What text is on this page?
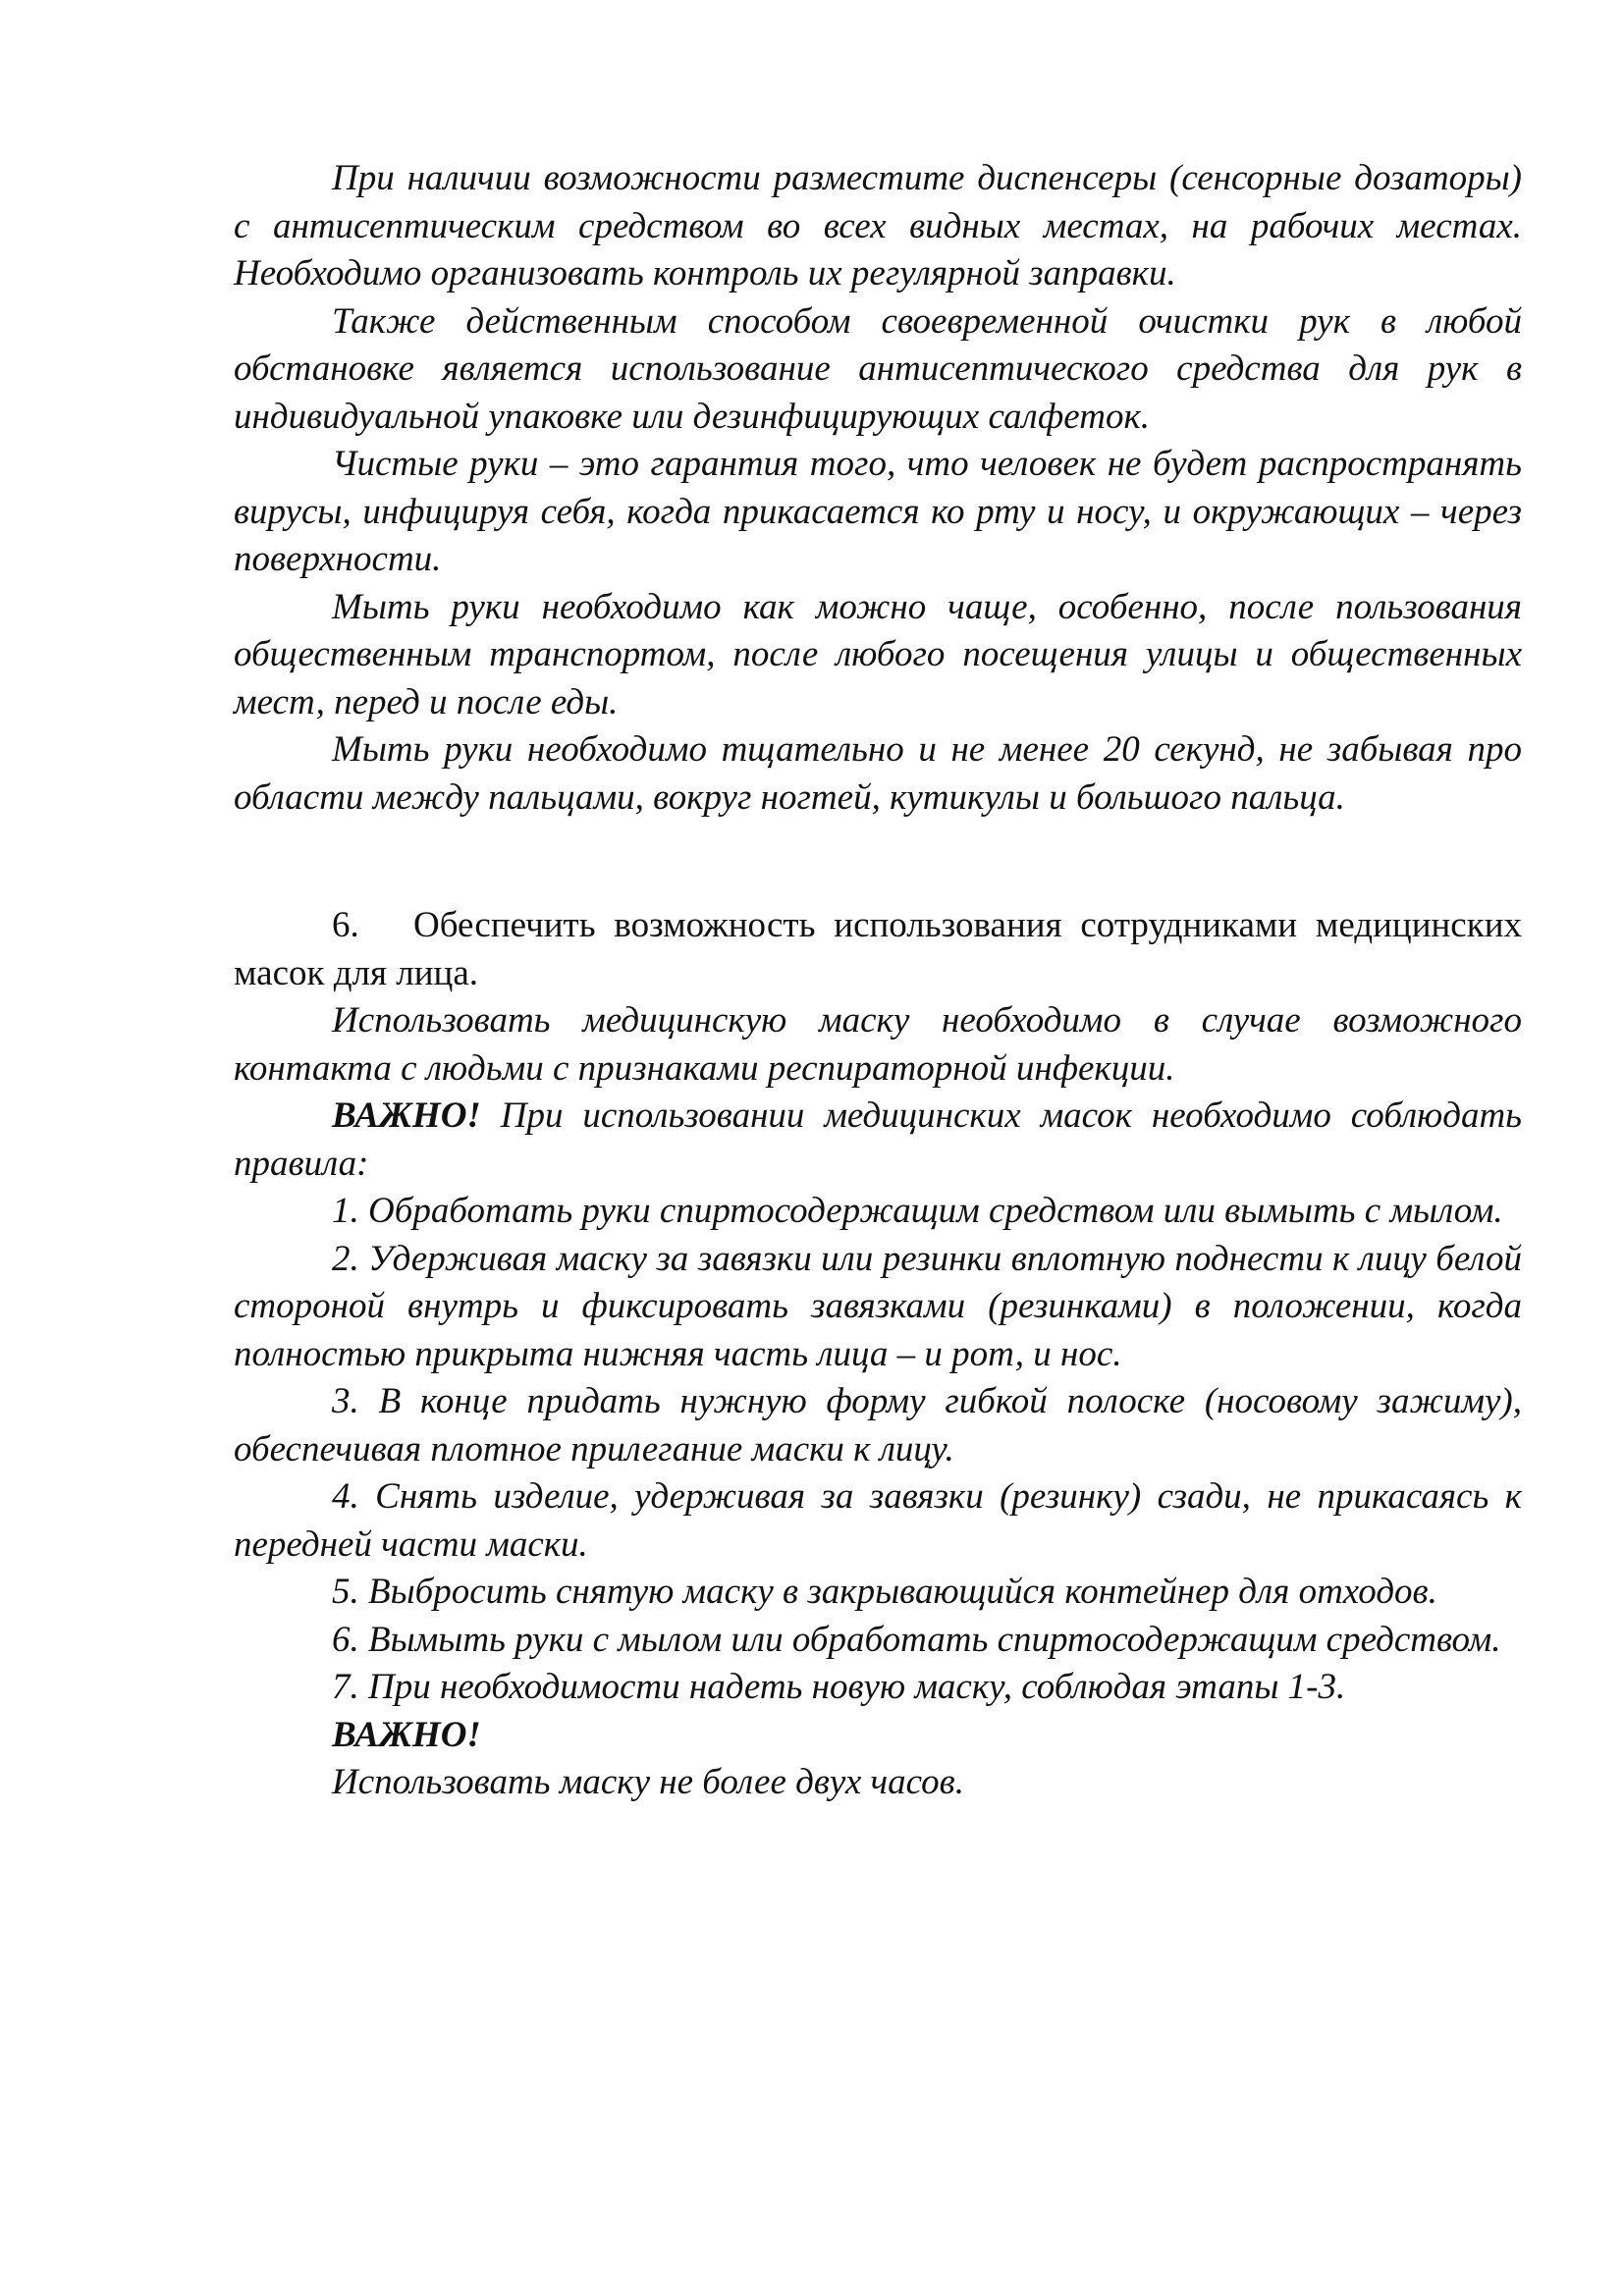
При наличии возможности разместите диспенсеры (сенсорные дозаторы) с антисептическим средством во всех видных местах, на рабочих местах. Необходимо организовать контроль их регулярной заправки.

Также действенным способом своевременной очистки рук в любой обстановке является использование антисептического средства для рук в индивидуальной упаковке или дезинфицирующих салфеток.

Чистые руки – это гарантия того, что человек не будет распространять вирусы, инфицируя себя, когда прикасается ко рту и носу, и окружающих – через поверхности.

Мыть руки необходимо как можно чаще, особенно, после пользования общественным транспортом, после любого посещения улицы и общественных мест, перед и после еды.

Мыть руки необходимо тщательно и не менее 20 секунд, не забывая про области между пальцами, вокруг ногтей, кутикулы и большого пальца.

6. Обеспечить возможность использования сотрудниками медицинских масок для лица.

Использовать медицинскую маску необходимо в случае возможного контакта с людьми с признаками респираторной инфекции.

ВАЖНО! При использовании медицинских масок необходимо соблюдать правила:

1. Обработать руки спиртосодержащим средством или вымыть с мылом.

2. Удерживая маску за завязки или резинки вплотную поднести к лицу белой стороной внутрь и фиксировать завязками (резинками) в положении, когда полностью прикрыта нижняя часть лица – и рот, и нос.

3. В конце придать нужную форму гибкой полоске (носовому зажиму), обеспечивая плотное прилегание маски к лицу.

4. Снять изделие, удерживая за завязки (резинку) сзади, не прикасаясь к передней части маски.

5. Выбросить снятую маску в закрывающийся контейнер для отходов.

6. Вымыть руки с мылом или обработать спиртосодержащим средством.

7. При необходимости надеть новую маску, соблюдая этапы 1-3.

ВАЖНО!

Использовать маску не более двух часов.
